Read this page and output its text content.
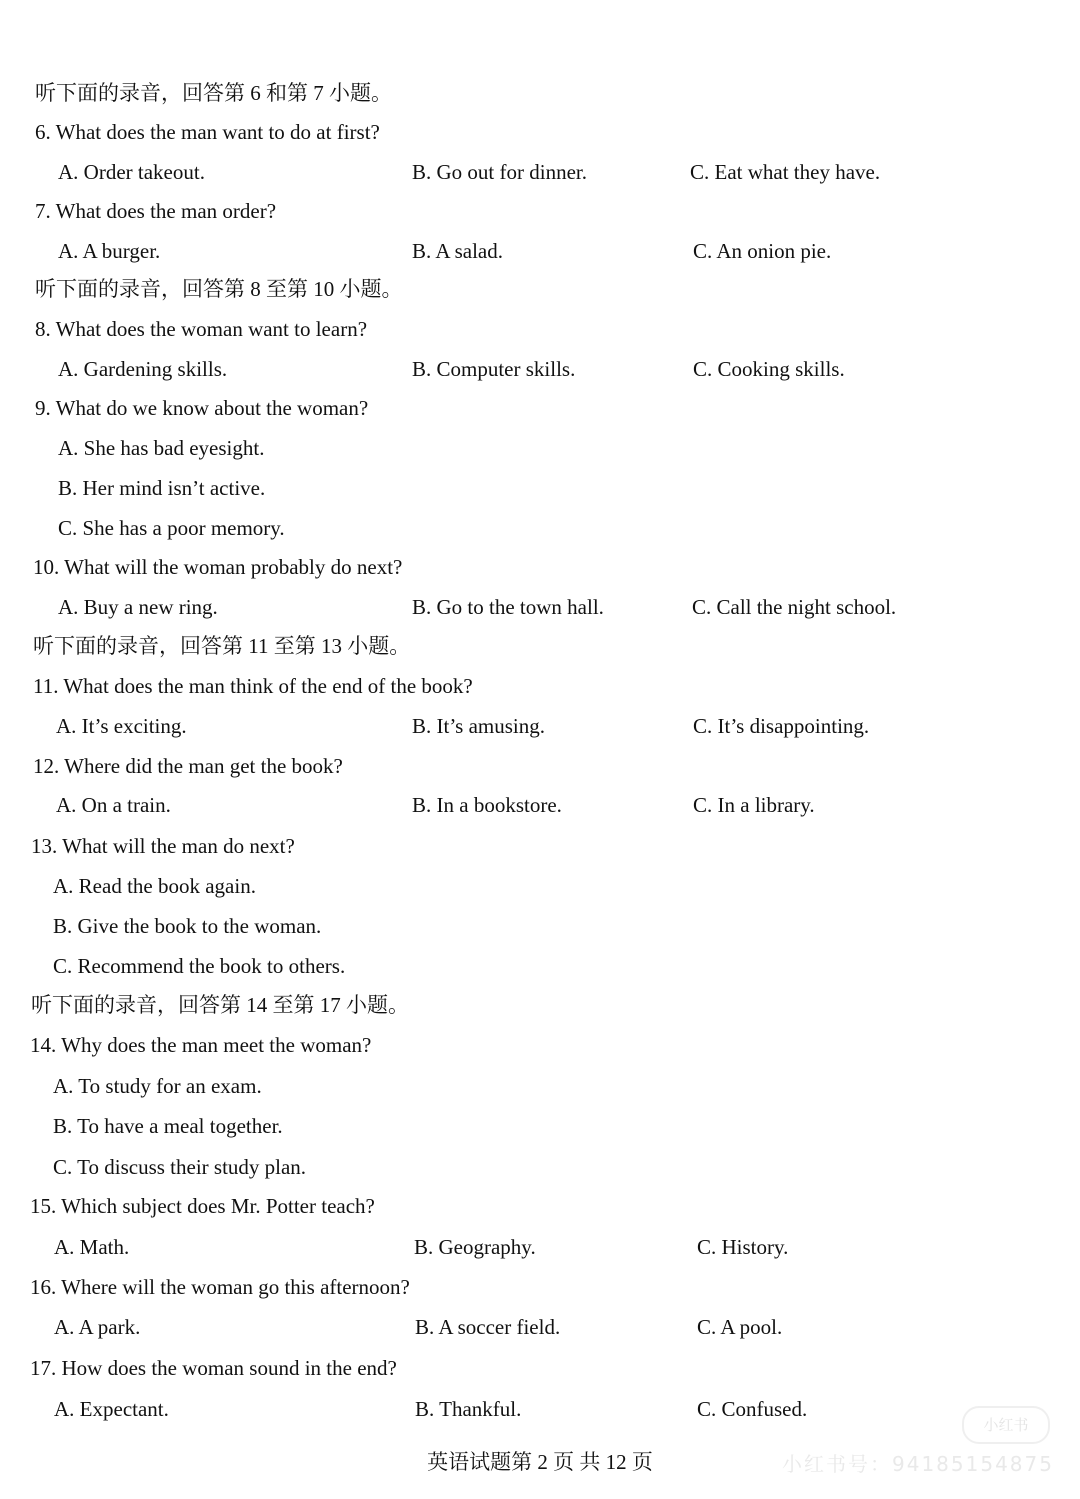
听下面的录音，回答第 6 和第 7 小题。
6. What does the man want to do at first?
A. Order takeout.	B. Go out for dinner.	C. Eat what they have.
7. What does the man order?
A. A burger.	B. A salad.	C. An onion pie.
听下面的录音，回答第 8 至第 10 小题。
8. What does the woman want to learn?
A. Gardening skills.	B. Computer skills.	C. Cooking skills.
9. What do we know about the woman?
A. She has bad eyesight.
B. Her mind isn’t active.
C. She has a poor memory.
10. What will the woman probably do next?
A. Buy a new ring.	B. Go to the town hall.	C. Call the night school.
听下面的录音，回答第 11 至第 13 小题。
11. What does the man think of the end of the book?
A. It’s exciting.	B. It’s amusing.	C. It’s disappointing.
12. Where did the man get the book?
A. On a train.	B. In a bookstore.	C. In a library.
13. What will the man do next?
A. Read the book again.
B. Give the book to the woman.
C. Recommend the book to others.
听下面的录音，回答第 14 至第 17 小题。
14. Why does the man meet the woman?
A. To study for an exam.
B. To have a meal together.
C. To discuss their study plan.
15. Which subject does Mr. Potter teach?
A. Math.	B. Geography.	C. History.
16. Where will the woman go this afternoon?
A. A park.	B. A soccer field.	C. A pool.
17. How does the woman sound in the end?
A. Expectant.	B. Thankful.	C. Confused.
英语试题第 2 页 共 12 页
小红书
小红书号：94185154875
